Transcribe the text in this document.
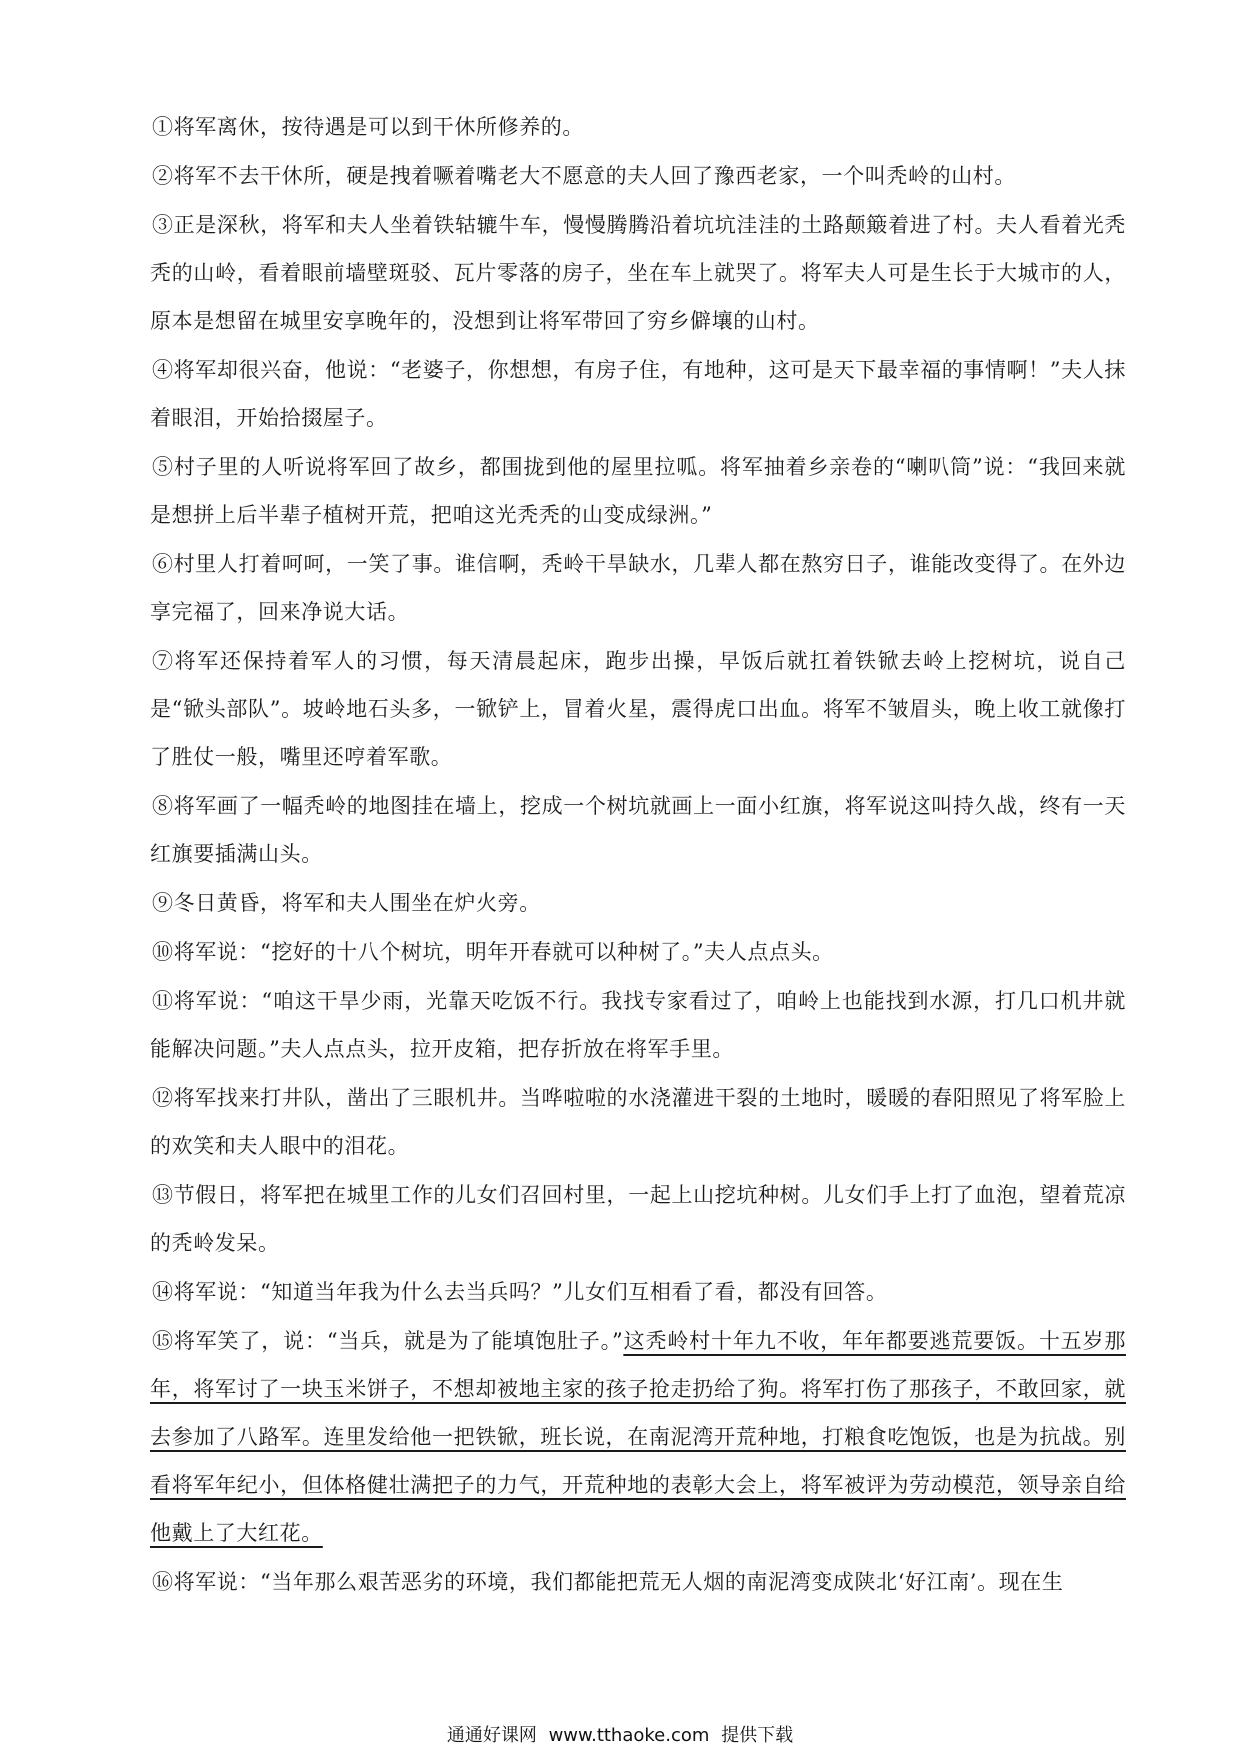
①将军离休，按待遇是可以到干休所修养的。

②将军不去干休所，硬是拽着噘着嘴老大不愿意的夫人回了豫西老家，一个叫秃岭的山村。

③正是深秋，将军和夫人坐着铁轱辘牛车，慢慢腾腾沿着坑坑洼洼的土路颠簸着进了村。夫人看着光秃秃的山岭，看着眼前墙壁斑驳、瓦片零落的房子，坐在车上就哭了。将军夫人可是生长于大城市的人，原本是想留在城里安享晚年的，没想到让将军带回了穷乡僻壤的山村。

④将军却很兴奋，他说：“老婆子，你想想，有房子住，有地种，这可是天下最幸福的事情啊！”夫人抹着眼泪，开始拾掇屋子。

⑤村子里的人听说将军回了故乡，都围拢到他的屋里拉呱。将军抽着乡亲卷的“喇叭筒”说：“我回来就是想拼上后半辈子植树开荒，把咱这光秃秃的山变成绿洲。”

⑥村里人打着呵呵，一笑了事。谁信啊，秃岭干旱缺水，几辈人都在熬穷日子，谁能改变得了。在外边享完福了，回来净说大话。

⑦将军还保持着军人的习惯，每天清晨起床，跑步出操，早饭后就扛着铁锨去岭上挖树坑，说自己是“锨头部队”。坡岭地石头多，一锨铲上，冒着火星，震得虎口出血。将军不皱眉头，晚上收工就像打了胜仗一般，嘴里还哼着军歌。

⑧将军画了一幅秃岭的地图挂在墙上，挖成一个树坑就画上一面小红旗，将军说这叫持久战，终有一天红旗要插满山头。

⑨冬日黄昏，将军和夫人围坐在炉火旁。

⑩将军说：“挖好的十八个树坑，明年开春就可以种树了。”夫人点点头。

⑪将军说：“咱这干旱少雨，光靠天吃饭不行。我找专家看过了，咱岭上也能找到水源，打几口机井就能解决问题。”夫人点点头，拉开皮箱，把存折放在将军手里。

⑫将军找来打井队，凿出了三眼机井。当哗啦啦的水浇灌进干裂的土地时，暖暖的春阳照见了将军脸上的欢笑和夫人眼中的泪花。

⑬节假日，将军把在城里工作的儿女们召回村里，一起上山挖坑种树。儿女们手上打了血泡，望着荒凉的秃岭发呆。

⑭将军说：“知道当年我为什么去当兵吗？”儿女们互相看了看，都没有回答。

⑮将军笑了，说：“当兵，就是为了能填饱肚子。”这秃岭村十年九不收，年年都要逃荒要饭。十五岁那年，将军讨了一块玉米饼子，不想却被地主家的孩子抢走扔给了狗。将军打伤了那孩子，不敢回家，就去参加了八路军。连里发给他一把铁锨，班长说，在南泥湾开荒种地，打粮食吃饱饭，也是为抗战。别看将军年纪小，但体格健壮满把子的力气，开荒种地的表彰大会上，将军被评为劳动模范，领导亲自给他戴上了大红花。

⑯将军说：“当年那么艰苦恶劣的环境，我们都能把荒无人烟的南泥湾变成陕北‘好江南’。现在生

通通好课网 www.tthaoke.com 提供下载
